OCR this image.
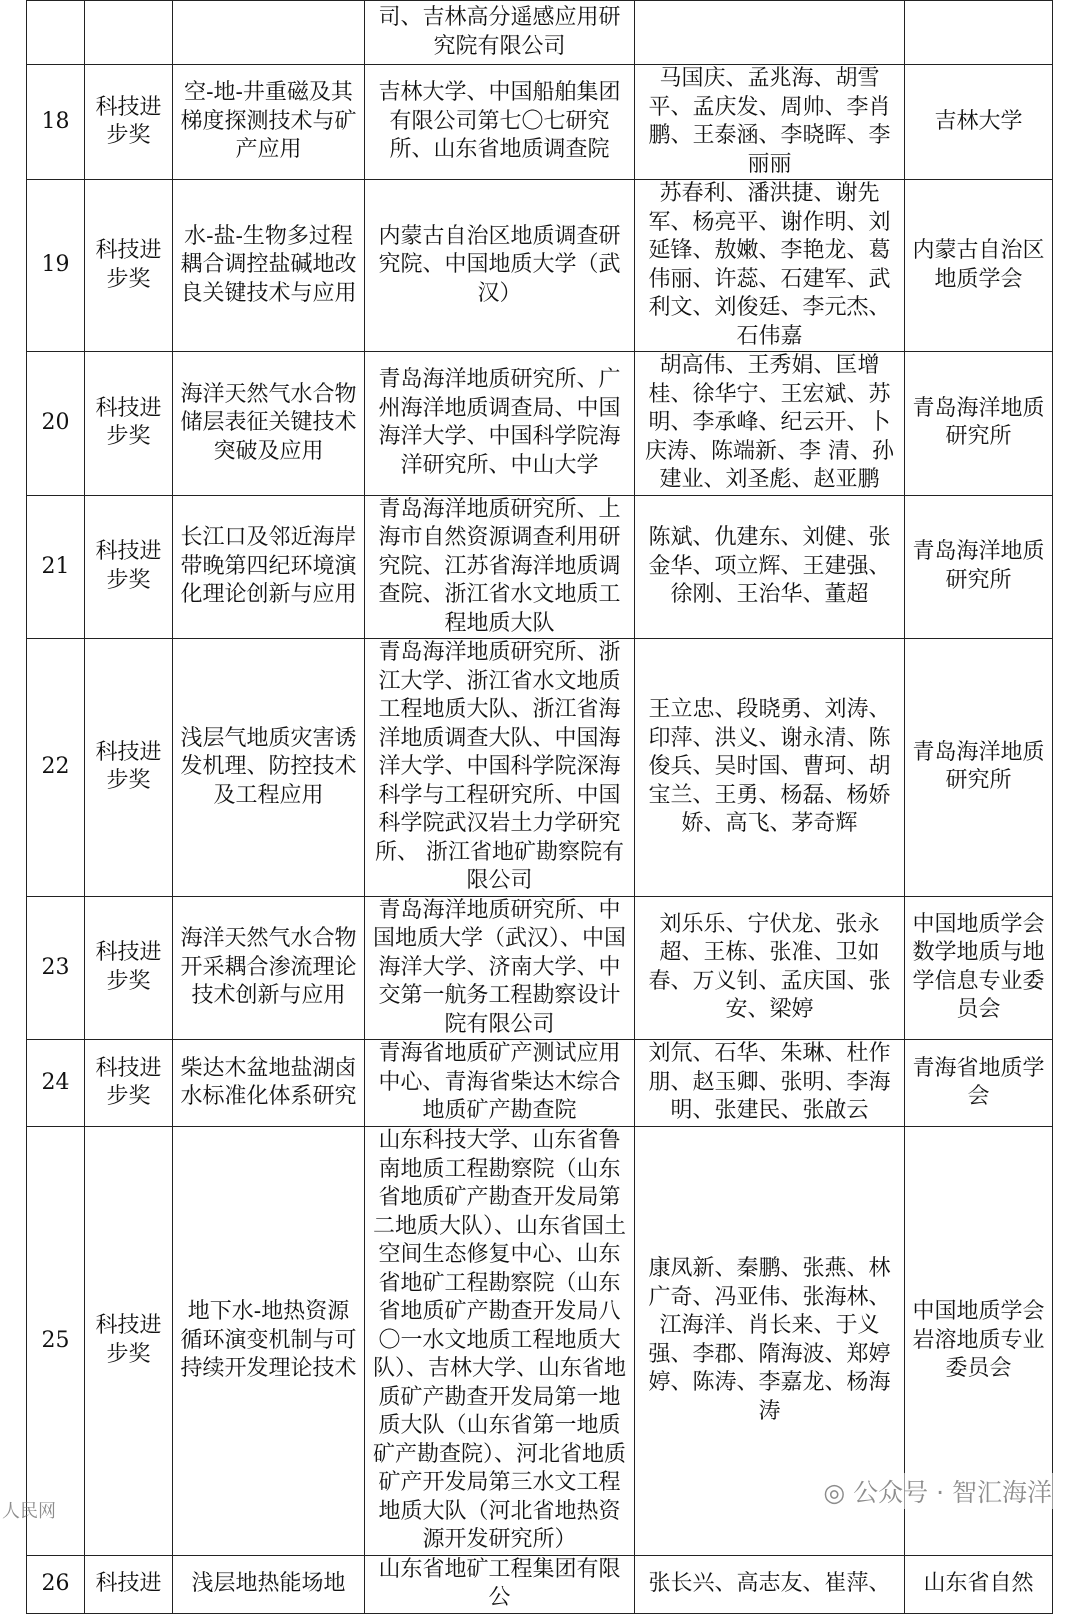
			司、吉林高分遥感应用研究院有限公司		
18	科技进步奖	空-地-井重磁及其梯度探测技术与矿产应用	吉林大学、中国船舶集团有限公司第七〇七研究所、山东省地质调查院	马国庆、孟兆海、胡雪平、孟庆发、周帅、李肖鹏、王泰涵、李晓晖、李丽丽	吉林大学
19	科技进步奖	水-盐-生物多过程耦合调控盐碱地改良关键技术与应用	内蒙古自治区地质调查研究院、中国地质大学（武汉）	苏春利、潘洪捷、谢先军、杨亮平、谢作明、刘延锋、敖嫩、李艳龙、葛伟丽、许蕊、石建军、武利文、刘俊廷、李元杰、石伟嘉	内蒙古自治区地质学会
20	科技进步奖	海洋天然气水合物储层表征关键技术突破及应用	青岛海洋地质研究所、广州海洋地质调查局、中国海洋大学、中国科学院海洋研究所、中山大学	胡高伟、王秀娟、匡增桂、徐华宁、王宏斌、苏明、李承峰、纪云开、卜庆涛、陈端新、李 清、孙建业、刘圣彪、赵亚鹏	青岛海洋地质研究所
21	科技进步奖	长江口及邻近海岸带晚第四纪环境演化理论创新与应用	青岛海洋地质研究所、上海市自然资源调查利用研究院、江苏省海洋地质调查院、浙江省水文地质工程地质大队	陈斌、仇建东、刘健、张金华、项立辉、王建强、徐刚、王治华、董超	青岛海洋地质研究所
22	科技进步奖	浅层气地质灾害诱发机理、防控技术及工程应用	青岛海洋地质研究所、浙江大学、浙江省水文地质工程地质大队、浙江省海洋地质调查大队、中国海洋大学、中国科学院深海科学与工程研究所、中国科学院武汉岩土力学研究所、 浙江省地矿勘察院有限公司	王立忠、段晓勇、刘涛、印萍、洪义、谢永清、陈俊兵、吴时国、曹珂、胡宝兰、王勇、杨磊、杨娇娇、高飞、茅奇辉	青岛海洋地质研究所
23	科技进步奖	海洋天然气水合物开采耦合渗流理论技术创新与应用	青岛海洋地质研究所、中国地质大学（武汉）、中国海洋大学、济南大学、中交第一航务工程勘察设计院有限公司	刘乐乐、宁伏龙、张永超、王栋、张准、卫如春、万义钊、孟庆国、张安、梁婷	中国地质学会数学地质与地学信息专业委员会
24	科技进步奖	柴达木盆地盐湖卤水标准化体系研究	青海省地质矿产测试应用中心、青海省柴达木综合地质矿产勘查院	刘氘、石华、朱琳、杜作朋、赵玉卿、张明、李海明、张建民、张啟云	青海省地质学会
25	科技进步奖	地下水-地热资源循环演变机制与可持续开发理论技术	山东科技大学、山东省鲁南地质工程勘察院（山东省地质矿产勘查开发局第二地质大队）、山东省国土空间生态修复中心、山东省地矿工程勘察院（山东省地质矿产勘查开发局八〇一水文地质工程地质大队）、吉林大学、山东省地质矿产勘查开发局第一地质大队（山东省第一地质矿产勘查院）、河北省地质矿产开发局第三水文工程地质大队（河北省地热资源开发研究所）	康凤新、秦鹏、张燕、林广奇、冯亚伟、张海林、江海洋、肖长来、于义强、李郡、隋海波、郑婷婷、陈涛、李嘉龙、杨海涛	中国地质学会岩溶地质专业委员会
26	科技进	浅层地热能场地	山东省地矿工程集团有限公	张长兴、高志友、崔萍、	山东省自然
◎ 公众号 · 智汇海洋
人民网
